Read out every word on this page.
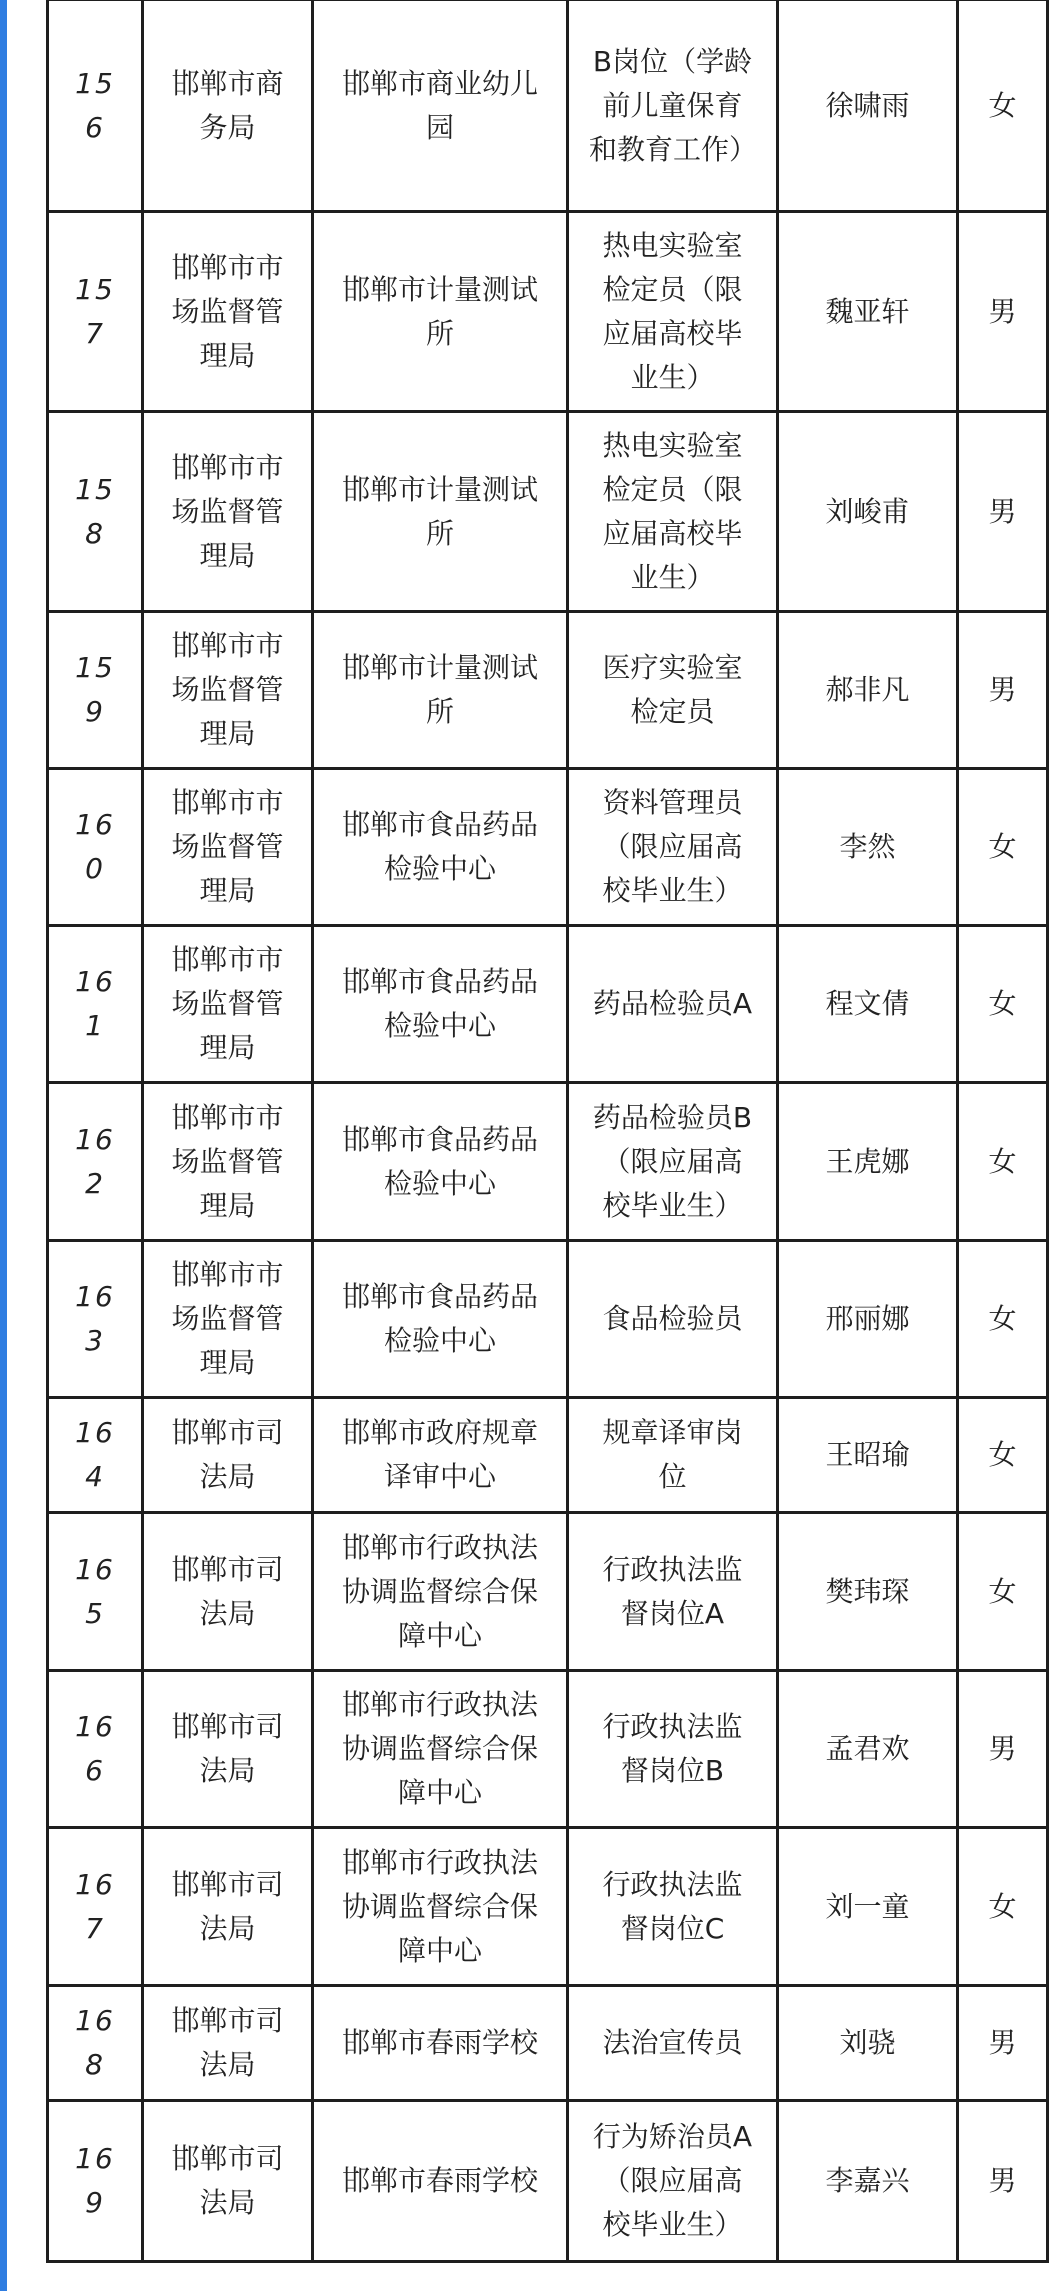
156	邯郸市商务局	邯郸市商业幼儿园	B岗位（学龄前儿童保育和教育工作）	徐啸雨	女
157	邯郸市市场监督管理局	邯郸市计量测试所	热电实验室检定员（限应届高校毕业生）	魏亚轩	男
158	邯郸市市场监督管理局	邯郸市计量测试所	热电实验室检定员（限应届高校毕业生）	刘峻甫	男
159	邯郸市市场监督管理局	邯郸市计量测试所	医疗实验室检定员	郝非凡	男
160	邯郸市市场监督管理局	邯郸市食品药品检验中心	资料管理员（限应届高校毕业生）	李然	女
161	邯郸市市场监督管理局	邯郸市食品药品检验中心	药品检验员A	程文倩	女
162	邯郸市市场监督管理局	邯郸市食品药品检验中心	药品检验员B（限应届高校毕业生）	王虎娜	女
163	邯郸市市场监督管理局	邯郸市食品药品检验中心	食品检验员	邢丽娜	女
164	邯郸市司法局	邯郸市政府规章译审中心	规章译审岗位	王昭瑜	女
165	邯郸市司法局	邯郸市行政执法协调监督综合保障中心	行政执法监督岗位A	樊玮琛	女
166	邯郸市司法局	邯郸市行政执法协调监督综合保障中心	行政执法监督岗位B	孟君欢	男
167	邯郸市司法局	邯郸市行政执法协调监督综合保障中心	行政执法监督岗位C	刘一童	女
168	邯郸市司法局	邯郸市春雨学校	法治宣传员	刘骁	男
169	邯郸市司法局	邯郸市春雨学校	行为矫治员A（限应届高校毕业生）	李嘉兴	男
